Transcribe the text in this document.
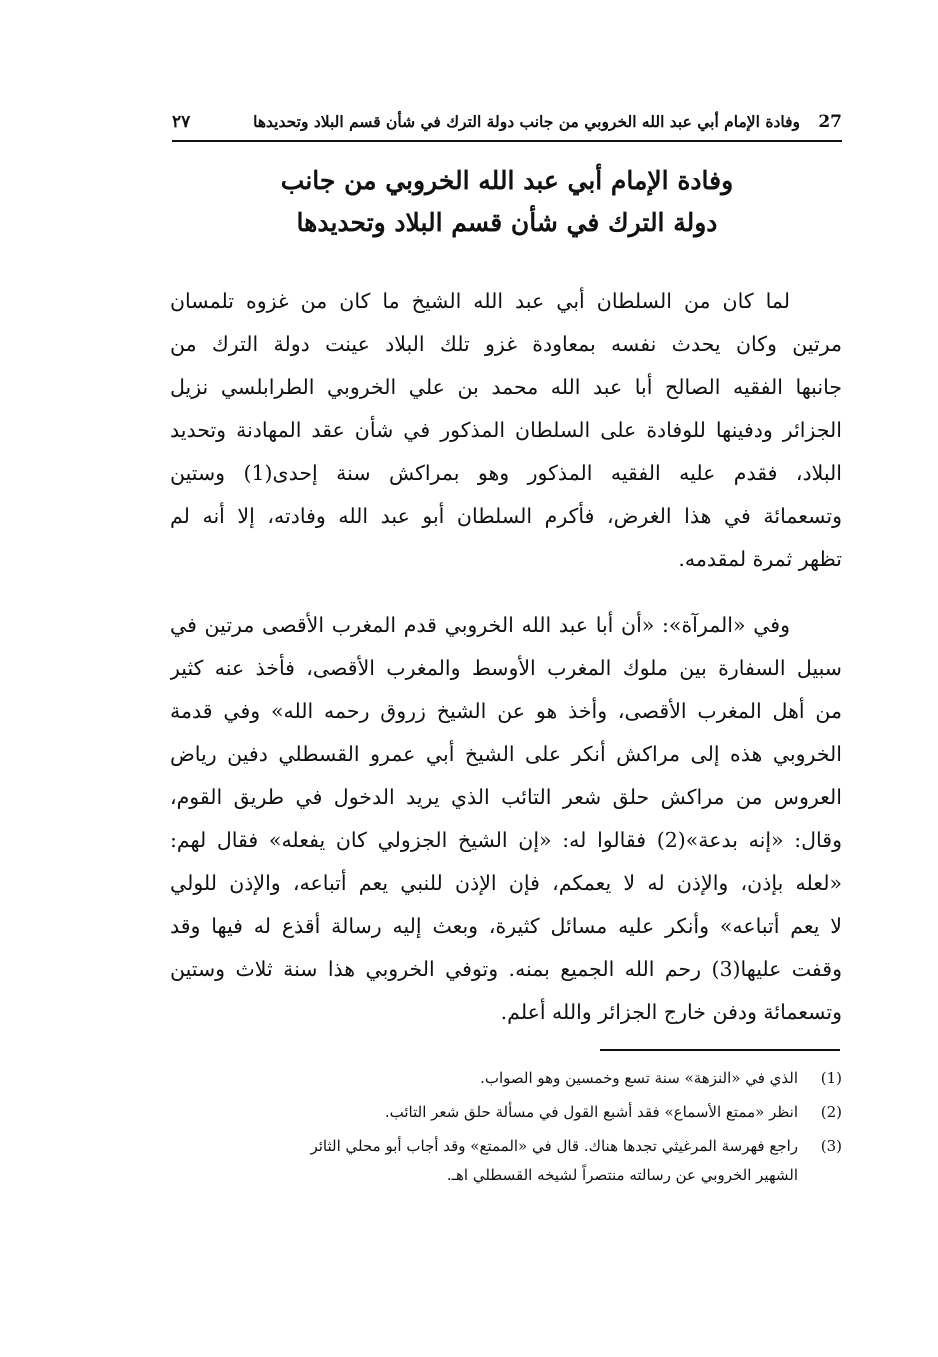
27
وفادة الإمام أبي عبد الله الخروبي من جانب دولة الترك في شأن قسم البلاد وتحديدها
٢٧
وفادة الإمام أبي عبد الله الخروبي من جانب
دولة الترك في شأن قسم البلاد وتحديدها
لما كان من السلطان أبي عبد الله الشيخ ما كان من غزوه تلمسان
مرتين وكان يحدث نفسه بمعاودة غزو تلك البلاد عينت دولة الترك من
جانبها الفقيه الصالح أبا عبد الله محمد بن علي الخروبي الطرابلسي نزيل
الجزائر ودفينها للوفادة على السلطان المذكور في شأن عقد المهادنة وتحديد
البلاد، فقدم عليه الفقيه المذكور وهو بمراكش سنة إحدى(1) وستين
وتسعمائة في هذا الغرض، فأكرم السلطان أبو عبد الله وفادته، إلا أنه لم
تظهر ثمرة لمقدمه.
وفي «المرآة»: «أن أبا عبد الله الخروبي قدم المغرب الأقصى مرتين في
سبيل السفارة بين ملوك المغرب الأوسط والمغرب الأقصى، فأخذ عنه كثير
من أهل المغرب الأقصى، وأخذ هو عن الشيخ زروق رحمه الله» وفي قدمة
الخروبي هذه إلى مراكش أنكر على الشيخ أبي عمرو القسطلي دفين رياض
العروس من مراكش حلق شعر التائب الذي يريد الدخول في طريق القوم،
وقال: «إنه بدعة»(2) فقالوا له: «إن الشيخ الجزولي كان يفعله» فقال لهم:
«لعله بإذن، والإذن له لا يعمكم، فإن الإذن للنبي يعم أتباعه، والإذن للولي
لا يعم أتباعه» وأنكر عليه مسائل كثيرة، وبعث إليه رسالة أقذع له فيها وقد
وقفت عليها(3) رحم الله الجميع بمنه. وتوفي الخروبي هذا سنة ثلاث وستين
وتسعمائة ودفن خارج الجزائر والله أعلم.
(1)
الذي في «النزهة» سنة تسع وخمسين وهو الصواب.
(2)
انظر «ممتع الأسماع» فقد أشبع القول في مسألة حلق شعر التائب.
(3)
راجع فهرسة المرغيثي تجدها هناك. قال في «الممتع» وقد أجاب أبو محلي الثائر
الشهير الخروبي عن رسالته منتصراً لشيخه القسطلي اهـ.
